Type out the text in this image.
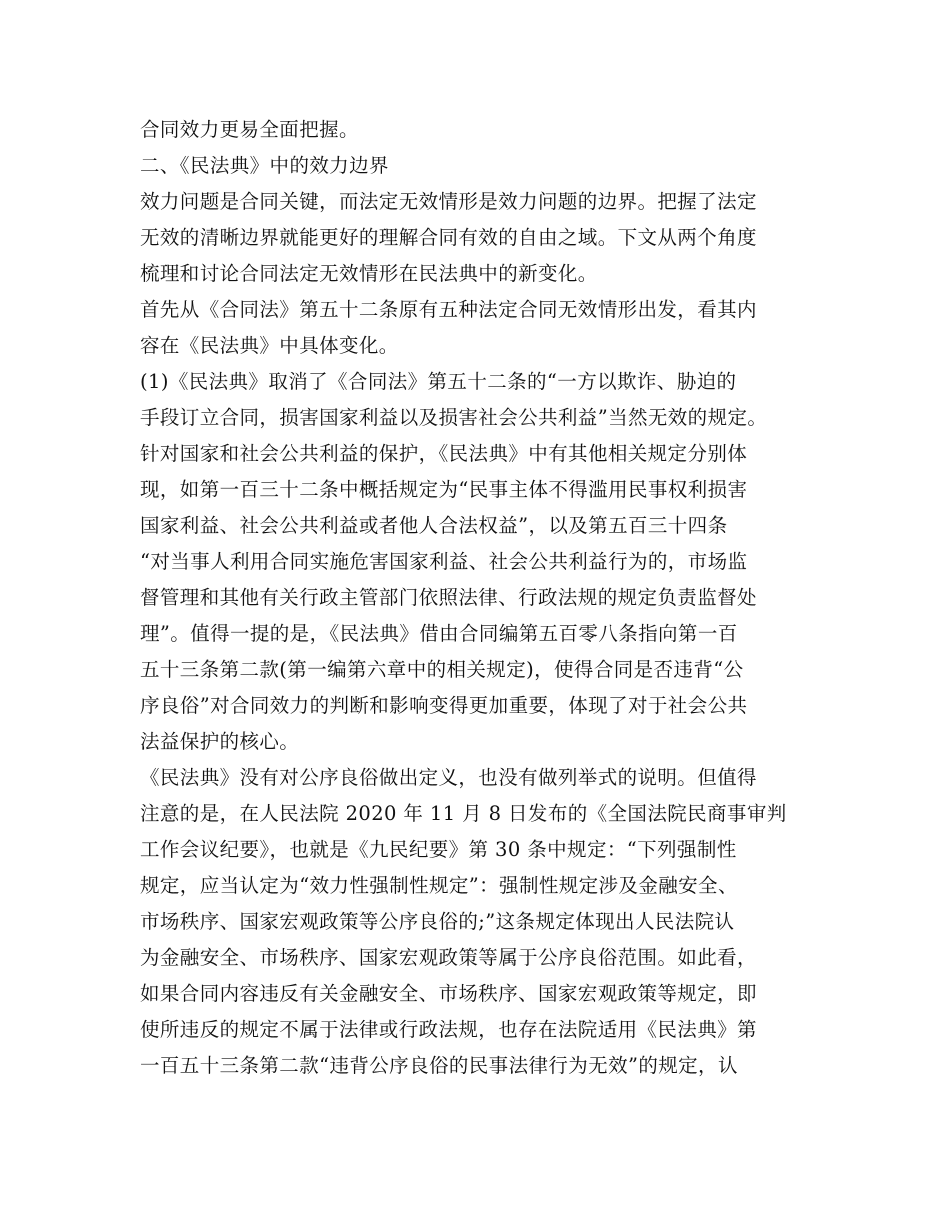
合同效力更易全面把握。
二、《民法典》中的效力边界
效力问题是合同关键，而法定无效情形是效力问题的边界。把握了法定
无效的清晰边界就能更好的理解合同有效的自由之域。下文从两个角度
梳理和讨论合同法定无效情形在民法典中的新变化。
首先从《合同法》第五十二条原有五种法定合同无效情形出发，看其内
容在《民法典》中具体变化。
(1)《民法典》取消了《合同法》第五十二条的“一方以欺诈、胁迫的
手段订立合同，损害国家利益以及损害社会公共利益”当然无效的规定。
针对国家和社会公共利益的保护，《民法典》中有其他相关规定分别体
现，如第一百三十二条中概括规定为“民事主体不得滥用民事权利损害
国家利益、社会公共利益或者他人合法权益”，以及第五百三十四条
“对当事人利用合同实施危害国家利益、社会公共利益行为的，市场监
督管理和其他有关行政主管部门依照法律、行政法规的规定负责监督处
理”。值得一提的是，《民法典》借由合同编第五百零八条指向第一百
五十三条第二款(第一编第六章中的相关规定)，使得合同是否违背“公
序良俗”对合同效力的判断和影响变得更加重要，体现了对于社会公共
法益保护的核心。
《民法典》没有对公序良俗做出定义，也没有做列举式的说明。但值得
注意的是，在人民法院 2020 年 11 月 8 日发布的《全国法院民商事审判
工作会议纪要》，也就是《九民纪要》第 30 条中规定：“下列强制性
规定，应当认定为“效力性强制性规定”：强制性规定涉及金融安全、
市场秩序、国家宏观政策等公序良俗的;”这条规定体现出人民法院认
为金融安全、市场秩序、国家宏观政策等属于公序良俗范围。如此看，
如果合同内容违反有关金融安全、市场秩序、国家宏观政策等规定，即
使所违反的规定不属于法律或行政法规，也存在法院适用《民法典》第
一百五十三条第二款“违背公序良俗的民事法律行为无效”的规定，认
